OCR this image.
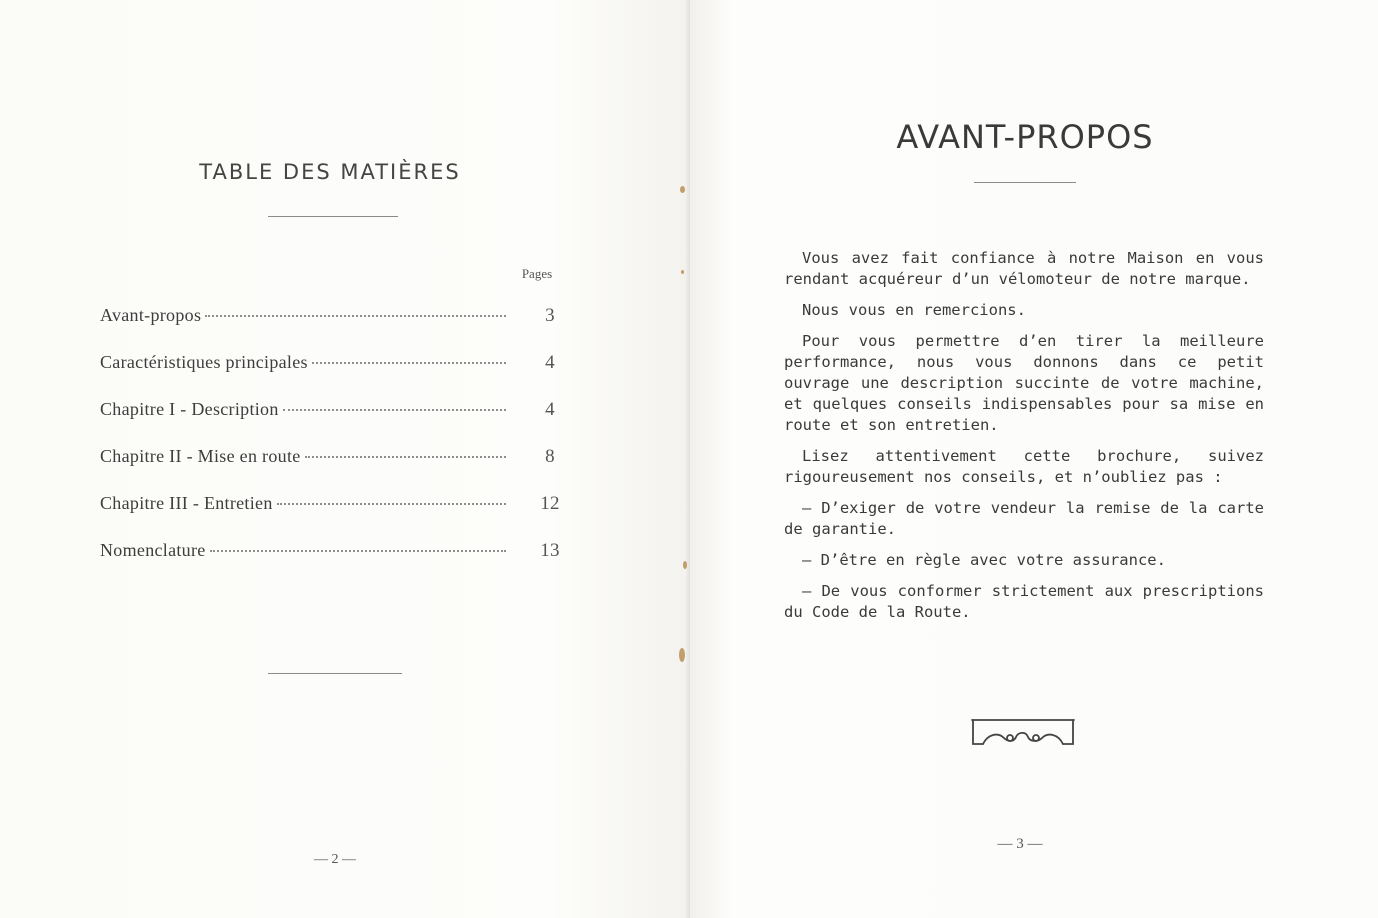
TABLE DES MATIÈRES
Pages
Avant-propos	3
Caractéristiques principales	4
Chapitre I - Description	4
Chapitre II - Mise en route	8
Chapitre III - Entretien	12
Nomenclature	13
— 2 —
AVANT-PROPOS

Vous avez fait confiance à notre Maison en vous rendant acquéreur d’un vélomoteur de notre marque.

Nous vous en remercions.

Pour vous permettre d’en tirer la meilleure performance, nous vous donnons dans ce petit ouvrage une description succinte de votre machine, et quelques conseils indispensables pour sa mise en route et son entretien.

Lisez attentivement cette brochure, suivez rigoureusement nos conseils, et n’oubliez pas :

— D’exiger de votre vendeur la remise de la carte de garantie.

— D’être en règle avec votre assurance.

— De vous conformer strictement aux prescriptions du Code de la Route.

— 3 —
